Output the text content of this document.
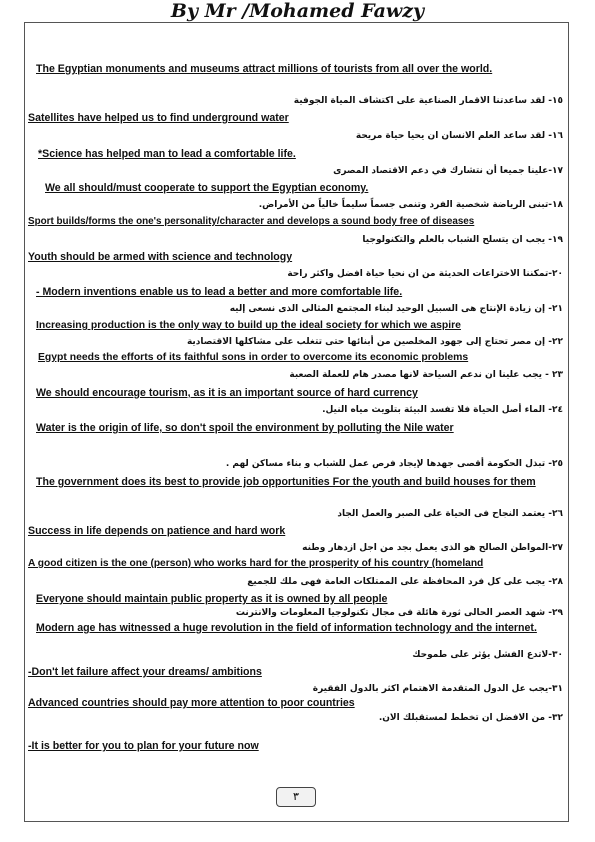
By Mr /Mohamed Fawzy
The Egyptian monuments and museums attract millions of tourists from all over the world.
١٥- لقد ساعدتنا الاقمار الصناعية على اكتشاف المياة الجوفية
Satellites have helped us to find underground water
١٦- لقد ساعد العلم الانسان ان يحيا حياة مريحة
*Science has helped man to lead a comfortable life.
١٧-علينا جميعا أن نتشارك في دعم الاقتصاد المصرى
We all should/must cooperate to support the Egyptian economy.
١٨-تبنى الرياضة شخصية الفرد وتنمى جسماً سليماً خالياً من الأمراض.
Sport builds/forms the one's personality/character and develops a sound body free of diseases
١٩- يجب ان يتسلح الشباب بالعلم والتكنولوجيا
Youth should be armed with science and technology
٢٠-تمكننا الاختراعات الحديثة من ان نحيا حياة افضل واكثر راحة
- Modern inventions enable us to lead a better and more comfortable life.
٢١- إن زيادة الإنتاج هى السبيل الوحيد لبناء المجتمع المثالى الذى نسعى إليه
Increasing production is the only way to build up the ideal society for which we aspire
٢٢- إن مصر تحتاج إلى جهود المخلصين من أبنائها حتى تتغلب على مشاكلها الاقتصادية
Egypt needs the efforts of its faithful sons in order to overcome its economic problems
٢٣ - يجب علينا ان ندعم السياحة لانها مصدر هام للعملة الصعبة
We should encourage tourism, as it is an important source of hard currency
٢٤- الماء أصل الحياة فلا تفسد البيئة بتلويث مياه النيل.
Water is the origin of life, so don't spoil the environment by polluting the Nile water
٢٥- تبذل الحكومة أقصى جهدها لإيجاد فرص عمل للشباب و بناء مساكن لهم .
The government does its best to provide job opportunities For the youth and build houses for them
٢٦- يعتمد النجاح فى الحياة على الصبر والعمل الجاد
Success in life depends on patience and hard work
٢٧-المواطن الصالح هو الذى يعمل بجد من اجل ازدهار وطنه
A good citizen is the one (person) who works hard for the prosperity of his country (homeland
٢٨- يجب على كل فرد المحافظة على الممتلكات العامة فهى ملك للجميع
Everyone should maintain public property as it is owned by all people
٢٩- شهد العصر الحالى ثورة هائلة فى مجال تكنولوجيا المعلومات والانترنت
Modern age has witnessed a huge revolution in the field of information technology and the internet.
٣٠-لاتدع الفشل يؤثر على طموحك
-Don't let failure affect your dreams/ ambitions
٣١-يجب عل الدول المتقدمة الاهتمام اكثر بالدول الفقيرة
Advanced countries should pay more attention to poor countries
٣٢- من الافضل ان تخطط لمستقبلك الان.
-It is better for you to plan for your future now
٣
